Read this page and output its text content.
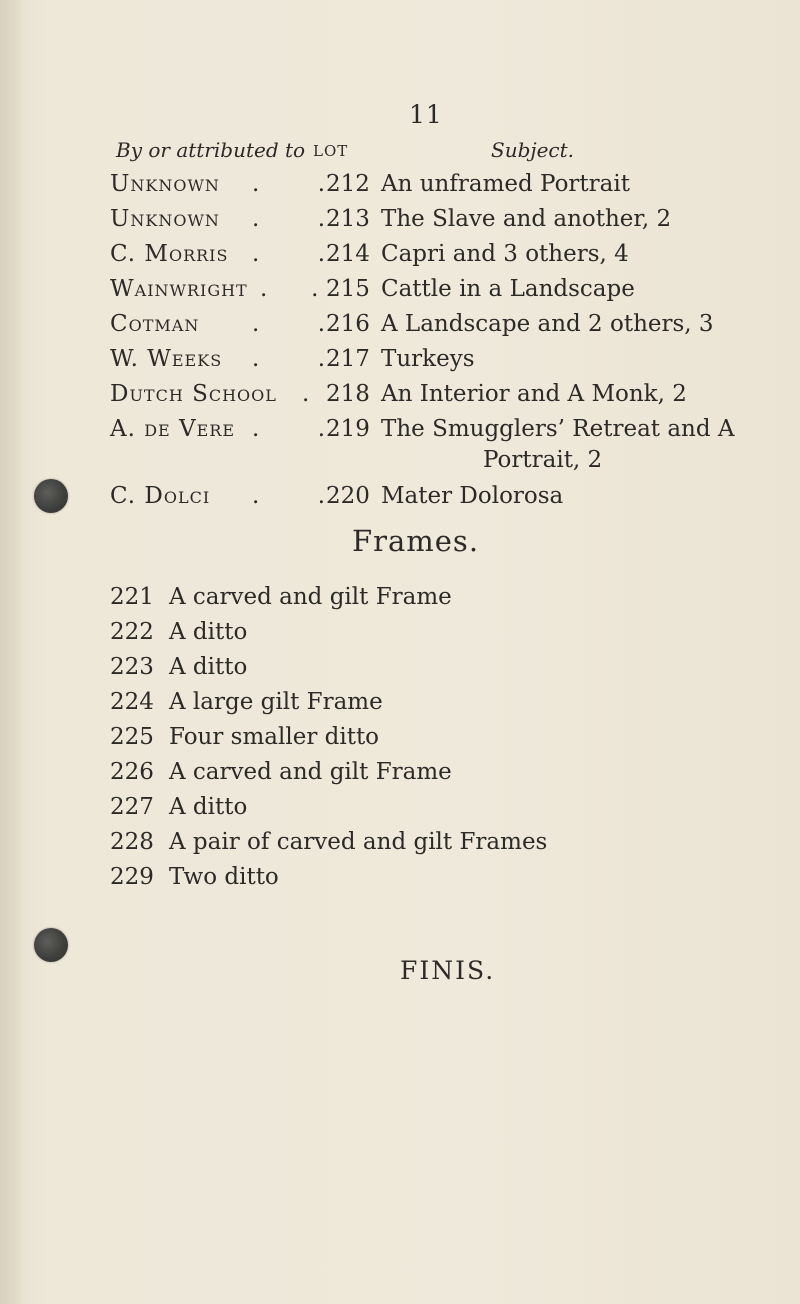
11
By or attributed to LOT	Subject.
Unknown .        . 212 An unframed Portrait
Unknown .        . 213 The Slave and another, 2
C. Morris .        . 214 Capri and 3 others, 4
Wainwright .      . 215 Cattle in a Landscape
Cotman .        . 216 A Landscape and 2 others, 3
W. Weeks .        . 217 Turkeys
Dutch School . 218 An Interior and A Monk, 2
A. de Vere .        . 219 The Smugglers’ Retreat and A
Portrait, 2
C. Dolci .        . 220 Mater Dolorosa
Frames.
221 A carved and gilt Frame
222 A ditto
223 A ditto
224 A large gilt Frame
225 Four smaller ditto
226 A carved and gilt Frame
227 A ditto
228 A pair of carved and gilt Frames
229 Two ditto
FINIS.
